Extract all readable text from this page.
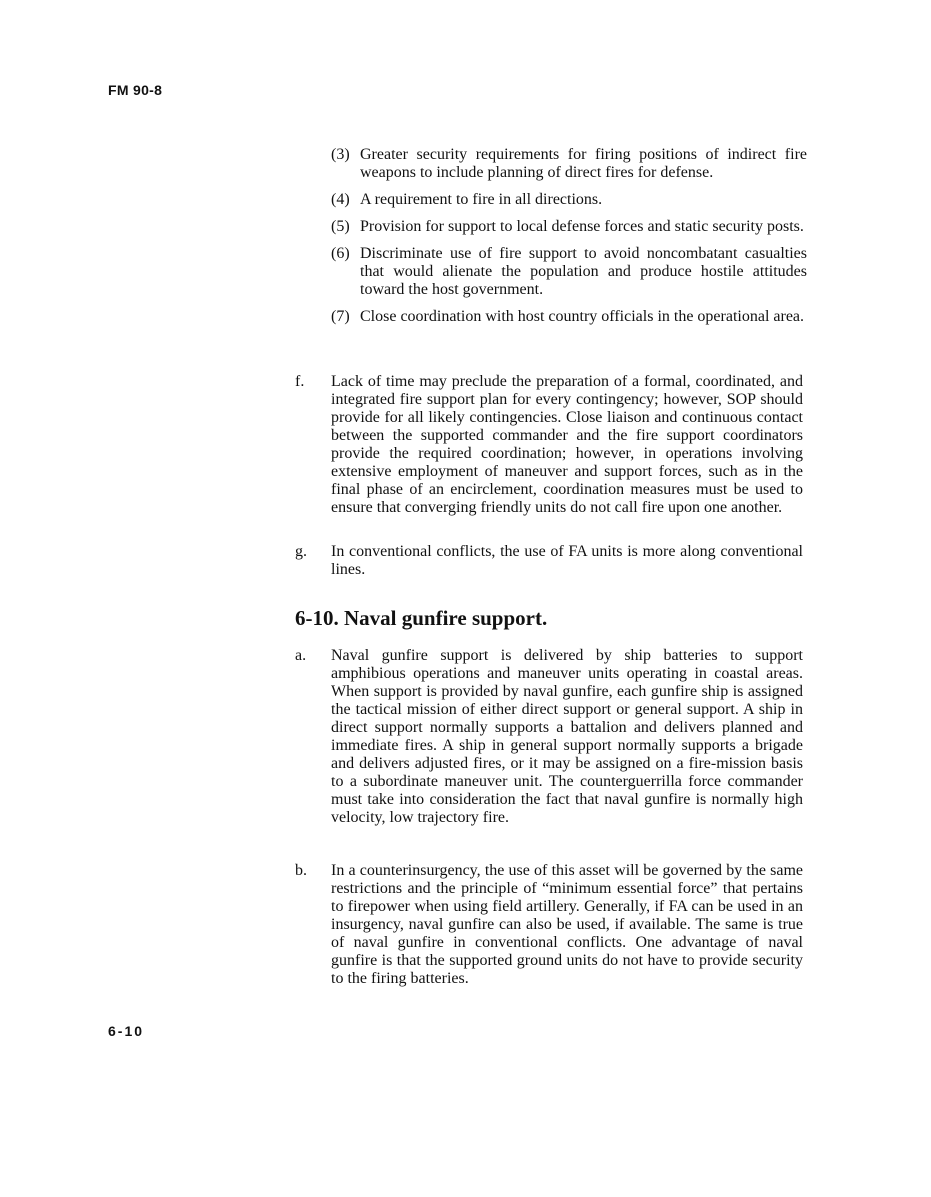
FM 90-8
(3) Greater security requirements for firing positions of indirect fire weapons to include planning of direct fires for defense.
(4) A requirement to fire in all directions.
(5) Provision for support to local defense forces and static security posts.
(6) Discriminate use of fire support to avoid noncombatant casualties that would alienate the population and produce hostile attitudes toward the host government.
(7) Close coordination with host country officials in the operational area.
f.	Lack of time may preclude the preparation of a formal, coordinated, and integrated fire support plan for every contingency; however, SOP should provide for all likely contingencies. Close liaison and continuous contact between the supported commander and the fire support coordinators provide the required coordination; however, in operations involving extensive employment of maneuver and support forces, such as in the final phase of an encirclement, coordination measures must be used to ensure that converging friendly units do not call fire upon one another.
g.	In conventional conflicts, the use of FA units is more along conventional lines.
6-10. Naval gunfire support.
a.	Naval gunfire support is delivered by ship batteries to support amphibious operations and maneuver units operating in coastal areas. When support is provided by naval gunfire, each gunfire ship is assigned the tactical mission of either direct support or general support. A ship in direct support normally supports a battalion and delivers planned and immediate fires. A ship in general support normally supports a brigade and delivers adjusted fires, or it may be assigned on a fire-mission basis to a subordinate maneuver unit. The counterguerrilla force commander must take into consideration the fact that naval gunfire is normally high velocity, low trajectory fire.
b.	In a counterinsurgency, the use of this asset will be governed by the same restrictions and the principle of “minimum essential force” that pertains to firepower when using field artillery. Generally, if FA can be used in an insurgency, naval gunfire can also be used, if available. The same is true of naval gunfire in conventional conflicts. One advantage of naval gunfire is that the supported ground units do not have to provide security to the firing batteries.
6-10
